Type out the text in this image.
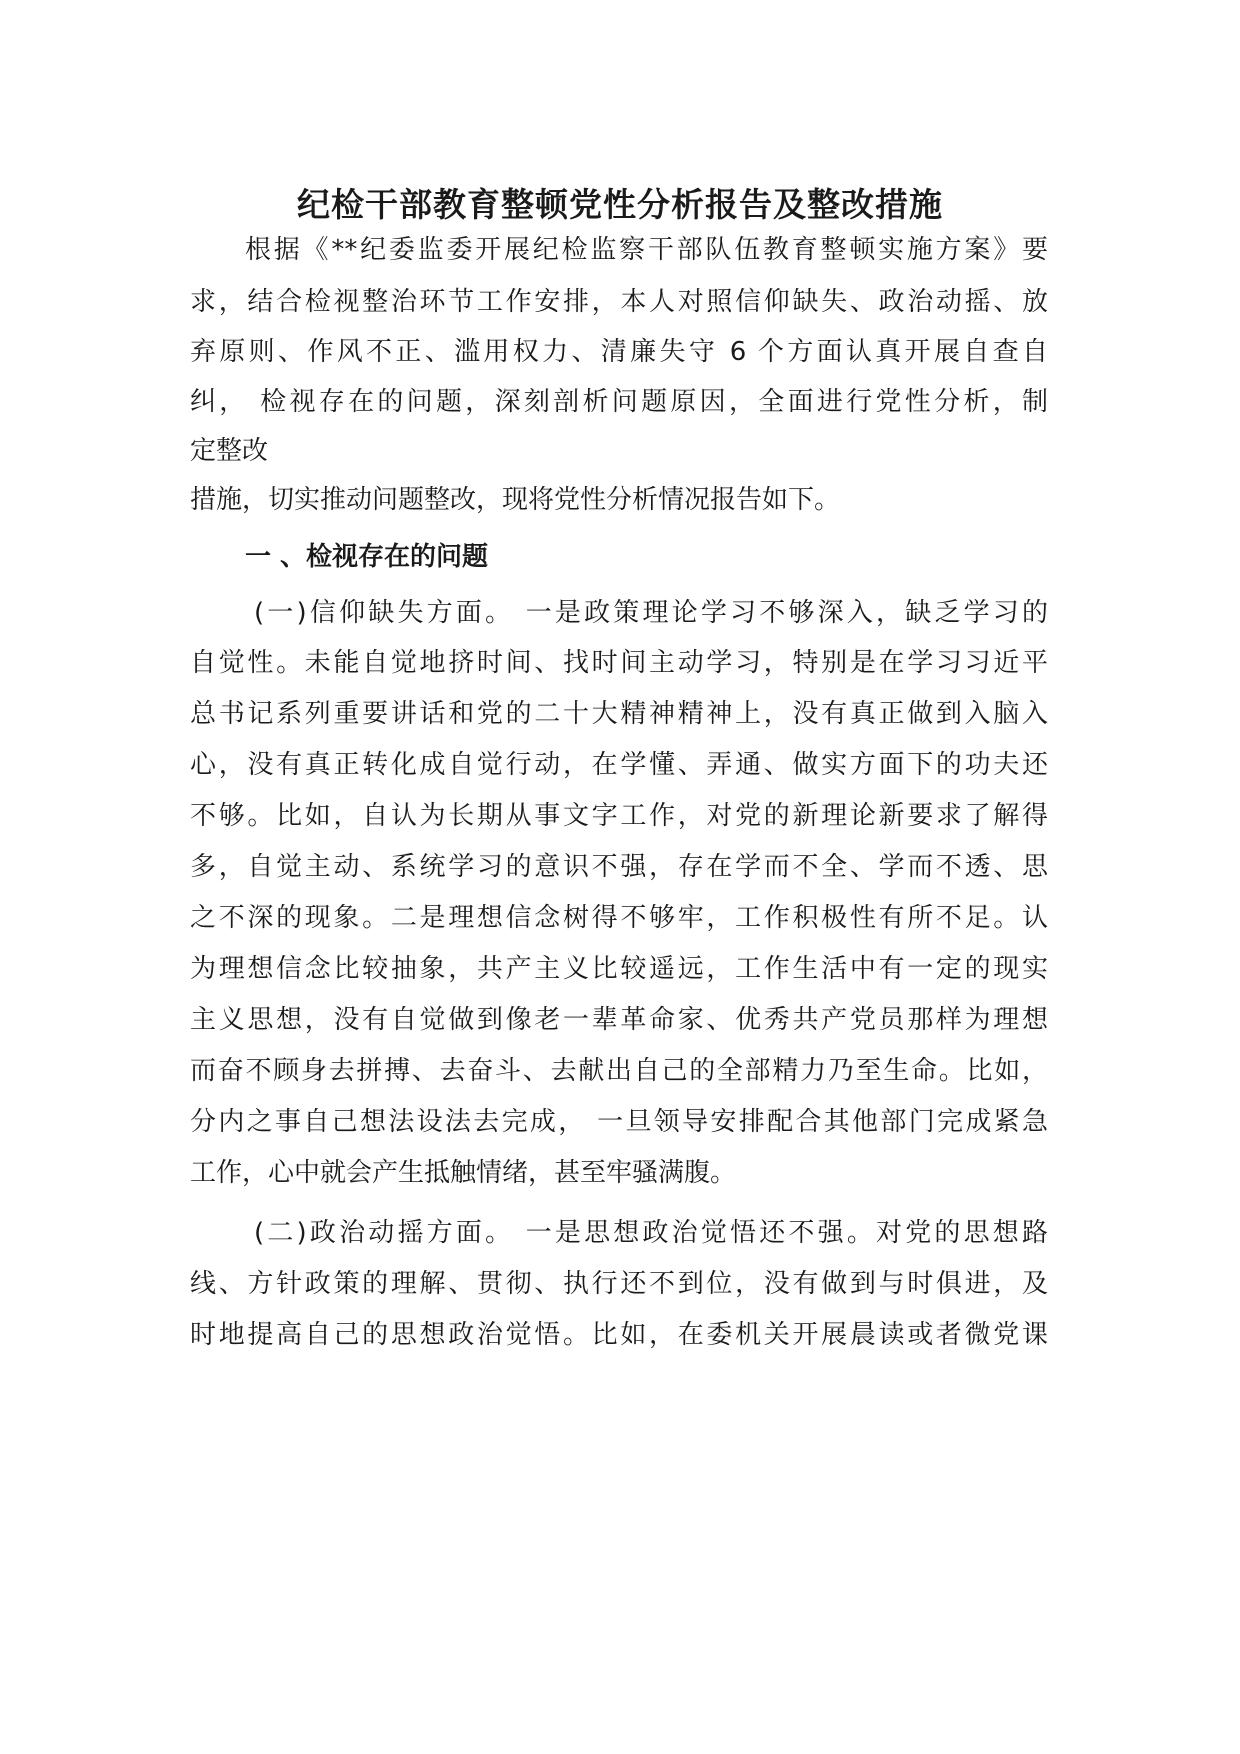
纪检干部教育整顿党性分析报告及整改措施
根据《**纪委监委开展纪检监察干部队伍教育整顿实施方案》要
求，结合检视整治环节工作安排，本人对照信仰缺失、政治动摇、放
弃原则、作风不正、滥用权力、清廉失守 6 个方面认真开展自查自
纠， 检视存在的问题，深刻剖析问题原因，全面进行党性分析，制
定整改
措施，切实推动问题整改，现将党性分析情况报告如下。
一 、检视存在的问题
(一)信仰缺失方面。 一是政策理论学习不够深入，缺乏学习的
自觉性。未能自觉地挤时间、找时间主动学习，特别是在学习习近平
总书记系列重要讲话和党的二十大精神精神上，没有真正做到入脑入
心，没有真正转化成自觉行动，在学懂、弄通、做实方面下的功夫还
不够。比如，自认为长期从事文字工作，对党的新理论新要求了解得
多，自觉主动、系统学习的意识不强，存在学而不全、学而不透、思
之不深的现象。二是理想信念树得不够牢，工作积极性有所不足。认
为理想信念比较抽象，共产主义比较遥远，工作生活中有一定的现实
主义思想，没有自觉做到像老一辈革命家、优秀共产党员那样为理想
而奋不顾身去拼搏、去奋斗、去献出自己的全部精力乃至生命。比如，
分内之事自己想法设法去完成， 一旦领导安排配合其他部门完成紧急
工作，心中就会产生抵触情绪，甚至牢骚满腹。
(二)政治动摇方面。 一是思想政治觉悟还不强。对党的思想路
线、方针政策的理解、贯彻、执行还不到位，没有做到与时俱进，及
时地提高自己的思想政治觉悟。比如，在委机关开展晨读或者微党课
